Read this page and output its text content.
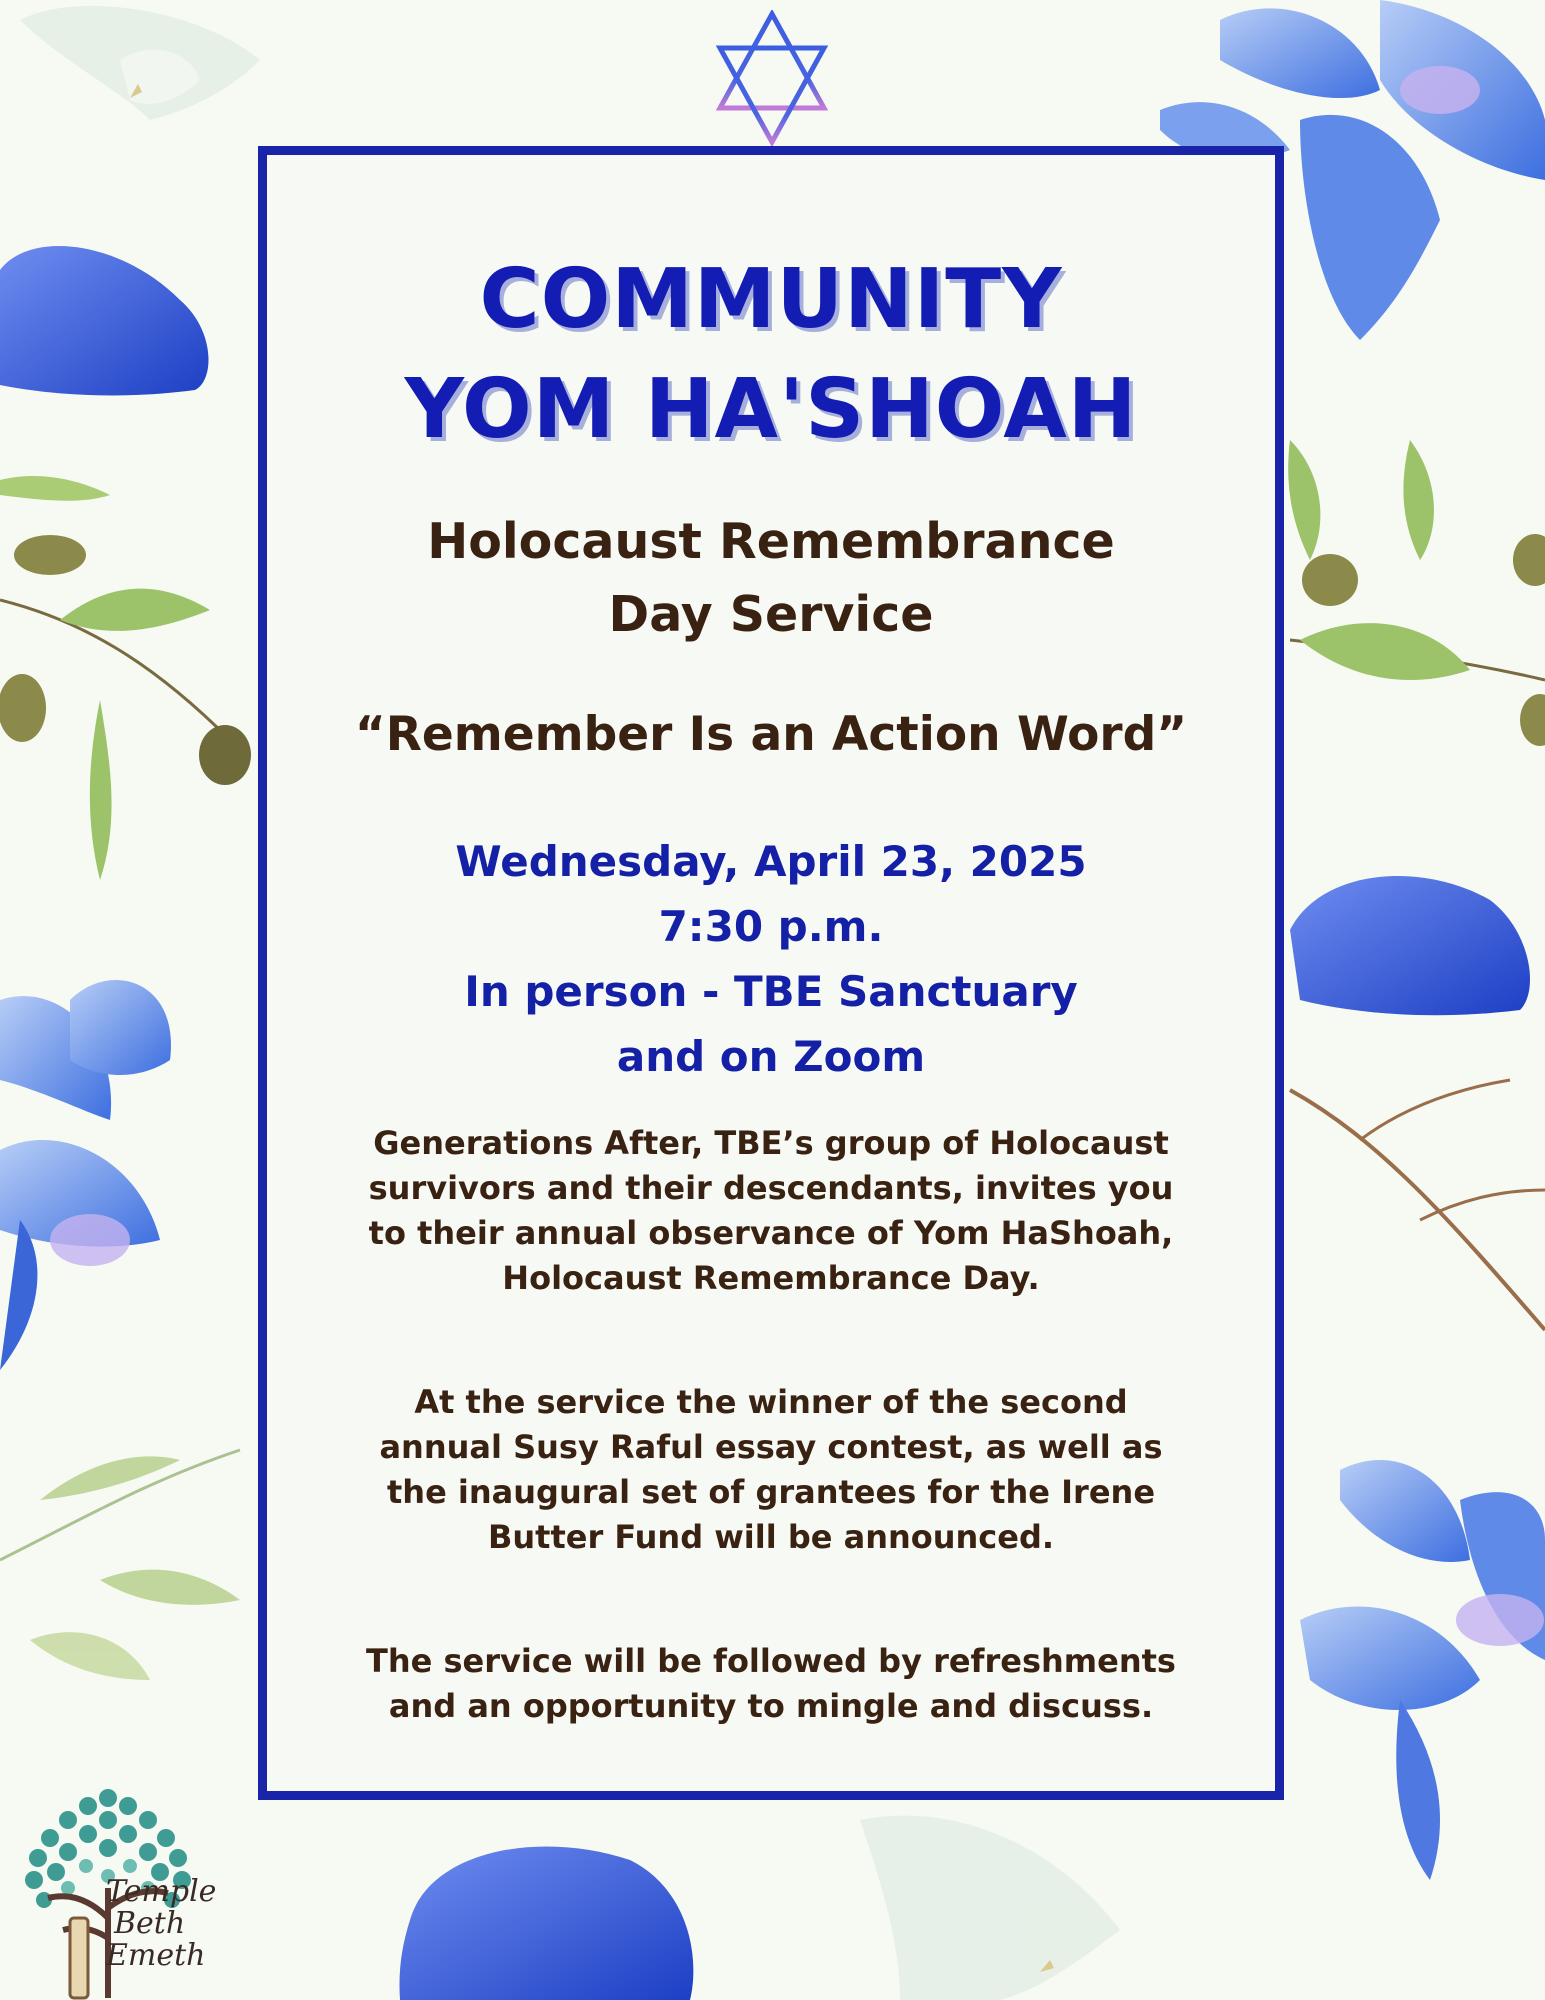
COMMUNITY
YOM HA'SHOAH
Holocaust Remembrance
Day Service
“Remember Is an Action Word”
Wednesday, April 23, 2025
7:30 p.m.
In person - TBE Sanctuary
and on Zoom
Generations After, TBE’s group of Holocaust
survivors and their descendants, invites you
to their annual observance of Yom HaShoah,
Holocaust Remembrance Day.
At the service the winner of the second
annual Susy Raful essay contest, as well as
the inaugural set of grantees for the Irene
Butter Fund will be announced.
The service will be followed by refreshments
and an opportunity to mingle and discuss.
Temple
Beth
Emeth
